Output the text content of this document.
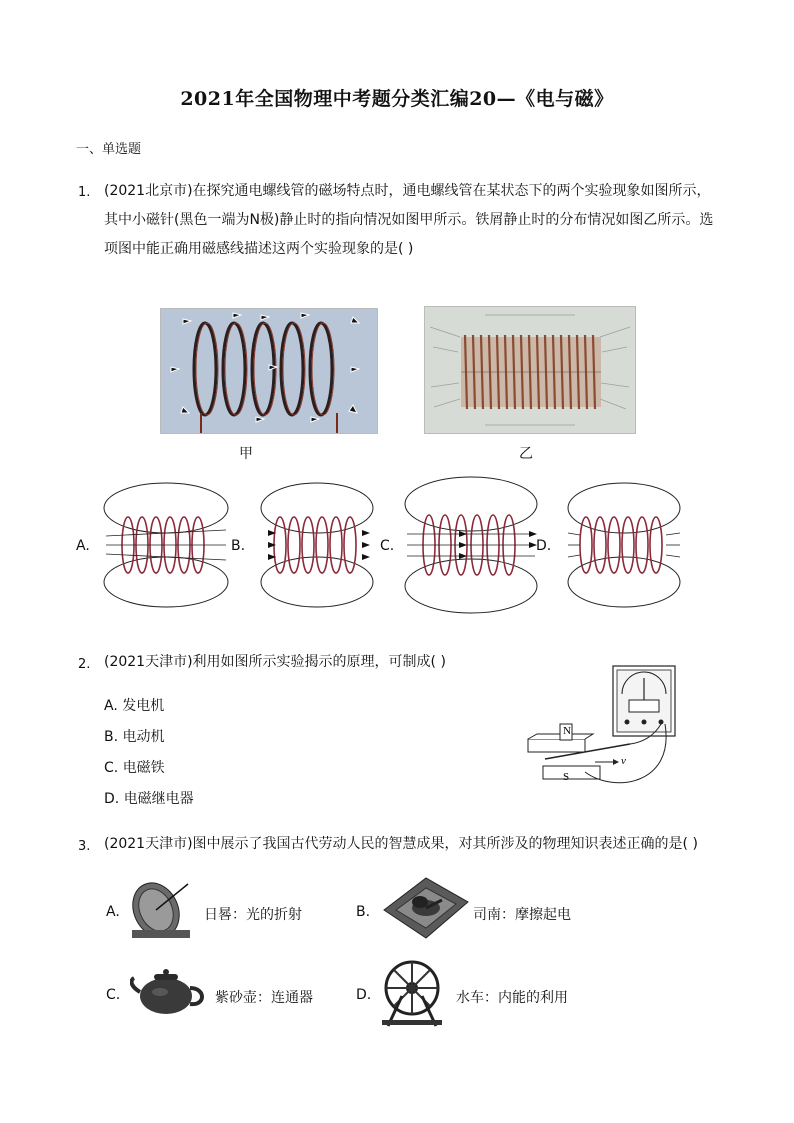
2021年全国物理中考题分类汇编20—《电与磁》
一、单选题
1. (2021北京市)在探究通电螺线管的磁场特点时，通电螺线管在某状态下的两个实验现象如图所示，其中小磁针(黑色一端为N极)静止时的指向情况如图甲所示。铁屑静止时的分布情况如图乙所示。选项图中能正确用磁感线描述这两个实验现象的是( )
甲	乙
A.	B.	C.	D.
2. (2021天津市)利用如图所示实验揭示的原理，可制成( )
A. 发电机
B. 电动机
C. 电磁铁
D. 电磁继电器
N
S
v
3. (2021天津市)图中展示了我国古代劳动人民的智慧成果，对其所涉及的物理知识表述正确的是( )
A.	日晷：光的折射	B.	司南：摩擦起电
C.	紫砂壶：连通器	D.	水车：内能的利用
